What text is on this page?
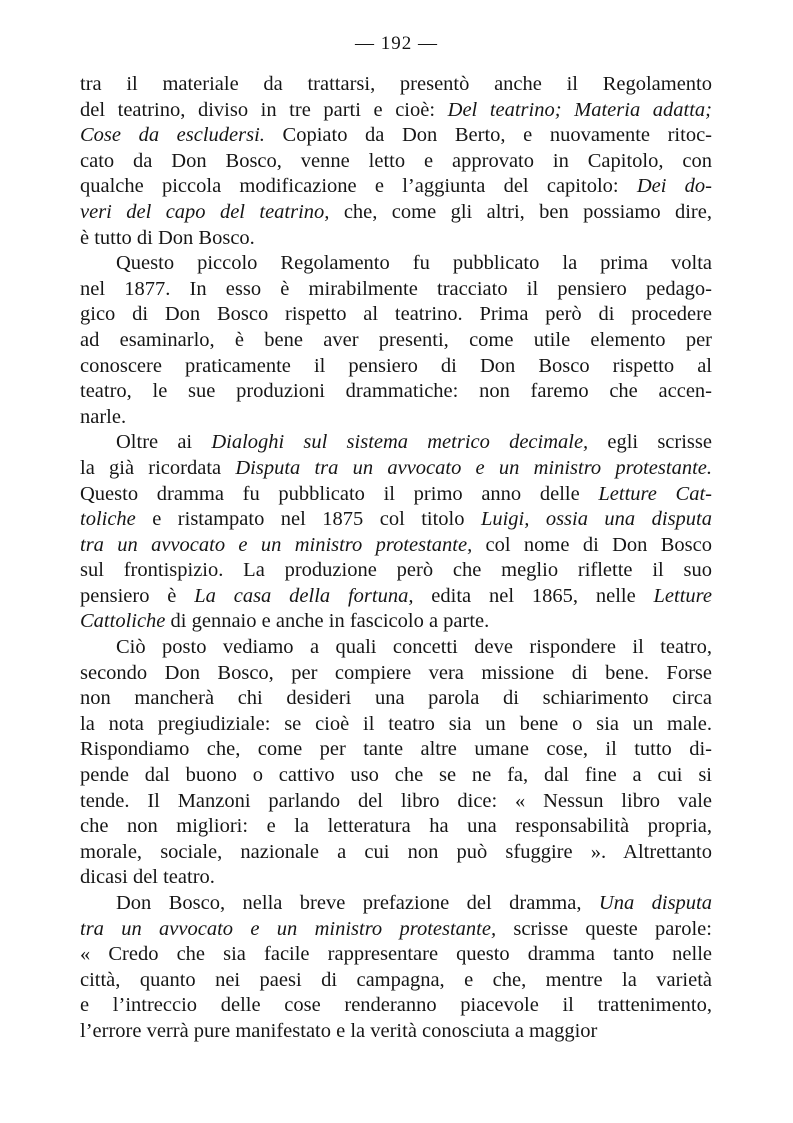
— 192 —
tra il materiale da trattarsi, presentò anche il Regolamento
del teatrino, diviso in tre parti e cioè: Del teatrino; Materia adatta;
Cose da escludersi. Copiato da Don Berto, e nuovamente ritoc-
cato da Don Bosco, venne letto e approvato in Capitolo, con
qualche piccola modificazione e l’aggiunta del capitolo: Dei do-
veri del capo del teatrino, che, come gli altri, ben possiamo dire,
è tutto di Don Bosco.
Questo piccolo Regolamento fu pubblicato la prima volta
nel 1877. In esso è mirabilmente tracciato il pensiero pedago-
gico di Don Bosco rispetto al teatrino. Prima però di procedere
ad esaminarlo, è bene aver presenti, come utile elemento per
conoscere praticamente il pensiero di Don Bosco rispetto al
teatro, le sue produzioni drammatiche: non faremo che accen-
narle.
Oltre ai Dialoghi sul sistema metrico decimale, egli scrisse
la già ricordata Disputa tra un avvocato e un ministro protestante.
Questo dramma fu pubblicato il primo anno delle Letture Cat-
toliche e ristampato nel 1875 col titolo Luigi, ossia una disputa
tra un avvocato e un ministro protestante, col nome di Don Bosco
sul frontispizio. La produzione però che meglio riflette il suo
pensiero è La casa della fortuna, edita nel 1865, nelle Letture
Cattoliche di gennaio e anche in fascicolo a parte.
Ciò posto vediamo a quali concetti deve rispondere il teatro,
secondo Don Bosco, per compiere vera missione di bene. Forse
non mancherà chi desideri una parola di schiarimento circa
la nota pregiudiziale: se cioè il teatro sia un bene o sia un male.
Rispondiamo che, come per tante altre umane cose, il tutto di-
pende dal buono o cattivo uso che se ne fa, dal fine a cui si
tende. Il Manzoni parlando del libro dice: « Nessun libro vale
che non migliori: e la letteratura ha una responsabilità propria,
morale, sociale, nazionale a cui non può sfuggire ». Altrettanto
dicasi del teatro.
Don Bosco, nella breve prefazione del dramma, Una disputa
tra un avvocato e un ministro protestante, scrisse queste parole:
« Credo che sia facile rappresentare questo dramma tanto nelle
città, quanto nei paesi di campagna, e che, mentre la varietà
e l’intreccio delle cose renderanno piacevole il trattenimento,
l’errore verrà pure manifestato e la verità conosciuta a maggior
